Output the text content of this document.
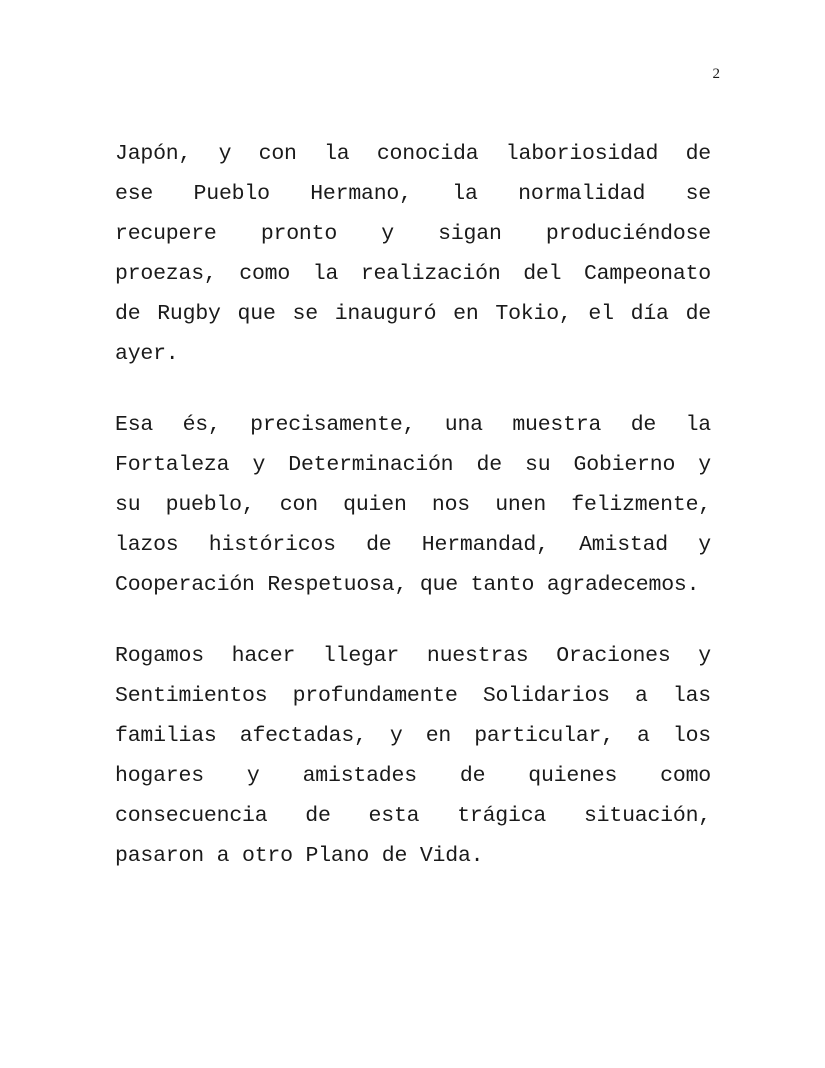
2
Japón, y con la conocida laboriosidad de
ese Pueblo Hermano, la normalidad se
recupere pronto y sigan produciéndose
proezas, como la realización del Campeonato
de Rugby que se inauguró en Tokio, el día de
ayer.
Esa és, precisamente, una muestra de la
Fortaleza y Determinación de su Gobierno y
su pueblo, con quien nos unen felizmente,
lazos históricos de Hermandad, Amistad y
Cooperación Respetuosa, que tanto agradecemos.
Rogamos hacer llegar nuestras Oraciones y
Sentimientos profundamente Solidarios a las
familias afectadas, y en particular, a los
hogares y amistades de quienes como
consecuencia de esta trágica situación,
pasaron a otro Plano de Vida.
